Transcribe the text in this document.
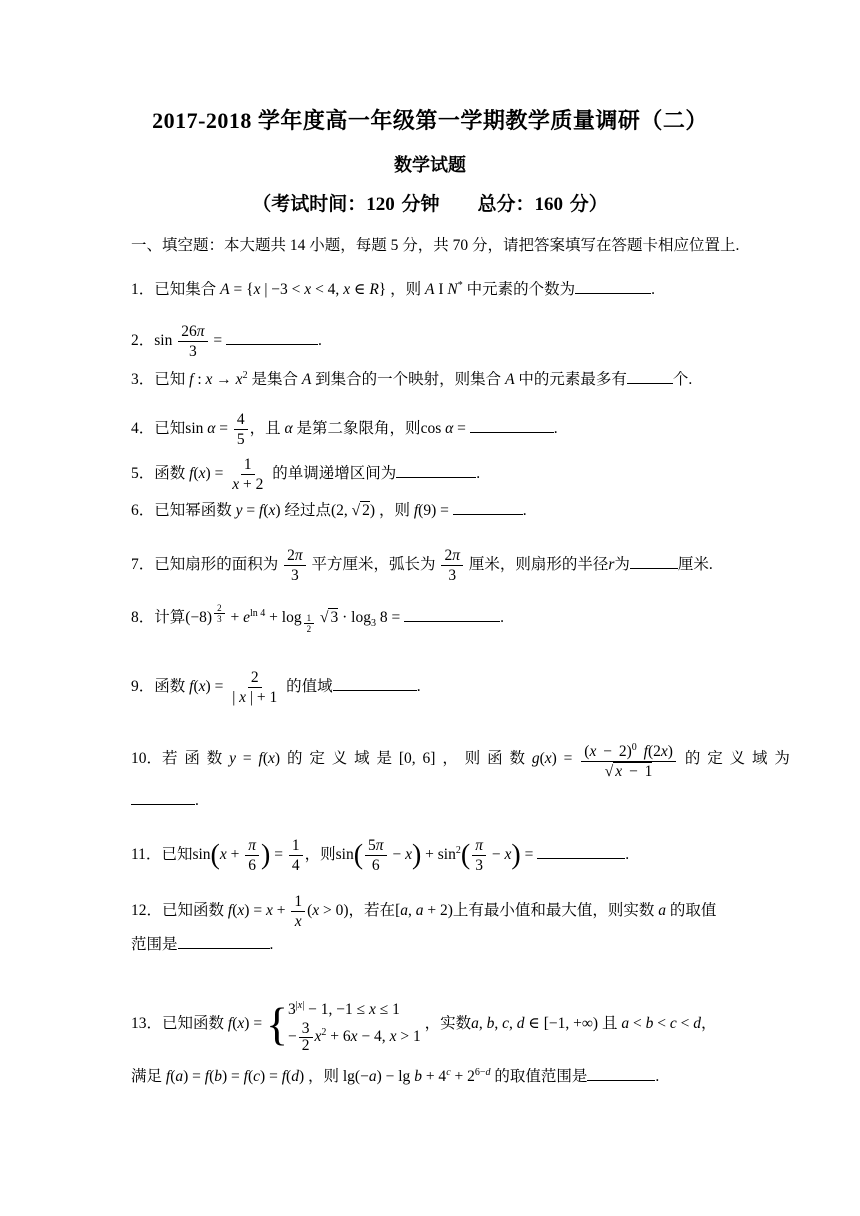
2017-2018 学年度高一年级第一学期教学质量调研（二）
数学试题
（考试时间：120 分钟　　总分：160 分）
一、填空题：本大题共 14 小题，每题 5 分，共 70 分，请把答案填写在答题卡相应位置上.
1．已知集合 A = {x | −3 < x < 4, x ∈ R} ，则 A I N* 中元素的个数为	.
2．$\sin \frac{26\pi}{3}$ =	.
3．已知 f : $x \to x^2$ 是集合 A 到集合的一个映射，则集合 A 中的元素最多有	个.
4．已知$\sin \alpha = \frac{4}{5}$ ，且 α 是第二象限角，则cos α =	.
5．函数 $f(x) = \frac{1}{x + 2}$ 的单调递增区间为	.
6．已知幂函数 y = f(x) 经过点(2, √ 2) ，则 f(9) =	.
7．已知扇形的面积为 $\frac{2\pi}{3}$ 平方厘米，弧长为 $\frac{2\pi}{3}$ 厘米，则扇形的半径r为	厘米.
8．计算(−8) $^{\frac{2}{3}} + e^{ln 4} + \log _{\frac{1}{2}}$ √ $3 \cdot \log_3 8$ =	.
9．函数 $f(x) = \frac{2}{| x | + 1}$ 的值域	.
10．若 函 数 y = f(x) 的 定 义 域 是 [0, 6] ， 则 函 数 $g(x) = \frac{(x - 2)^0 f(2x)}{√ x - 1}$ 的 定 义 域 为
.
11．已知$\sin(x + \frac{\pi}{6}$ ) = $\frac{1}{4}$ ，则$\sin( \frac{5\pi}{6} - x) + \sin^2( \frac{\pi}{3} - x)$ =	.
12．已知函数 $f(x) = x + \frac{1}{x} (x > 0)$，若在[a, a + 2)上有最小值和最大值，则实数 a 的取值
范围是	.
13．已知函数 f(x) = { $3^{|x|} - 1$, −1 ≤ x ≤ 1
− $\frac{3}{2} x^2 + 6x - 4$, x > 1
，实数a, b, c, d ∈ [−1, +∞) 且 a < b < c < d，
满足 f(a) = f(b) = f(c) = f(d) ，则 $\lg(-a) - \lg b + 4^c + 2^{6-d}$ 的取值范围是	.
